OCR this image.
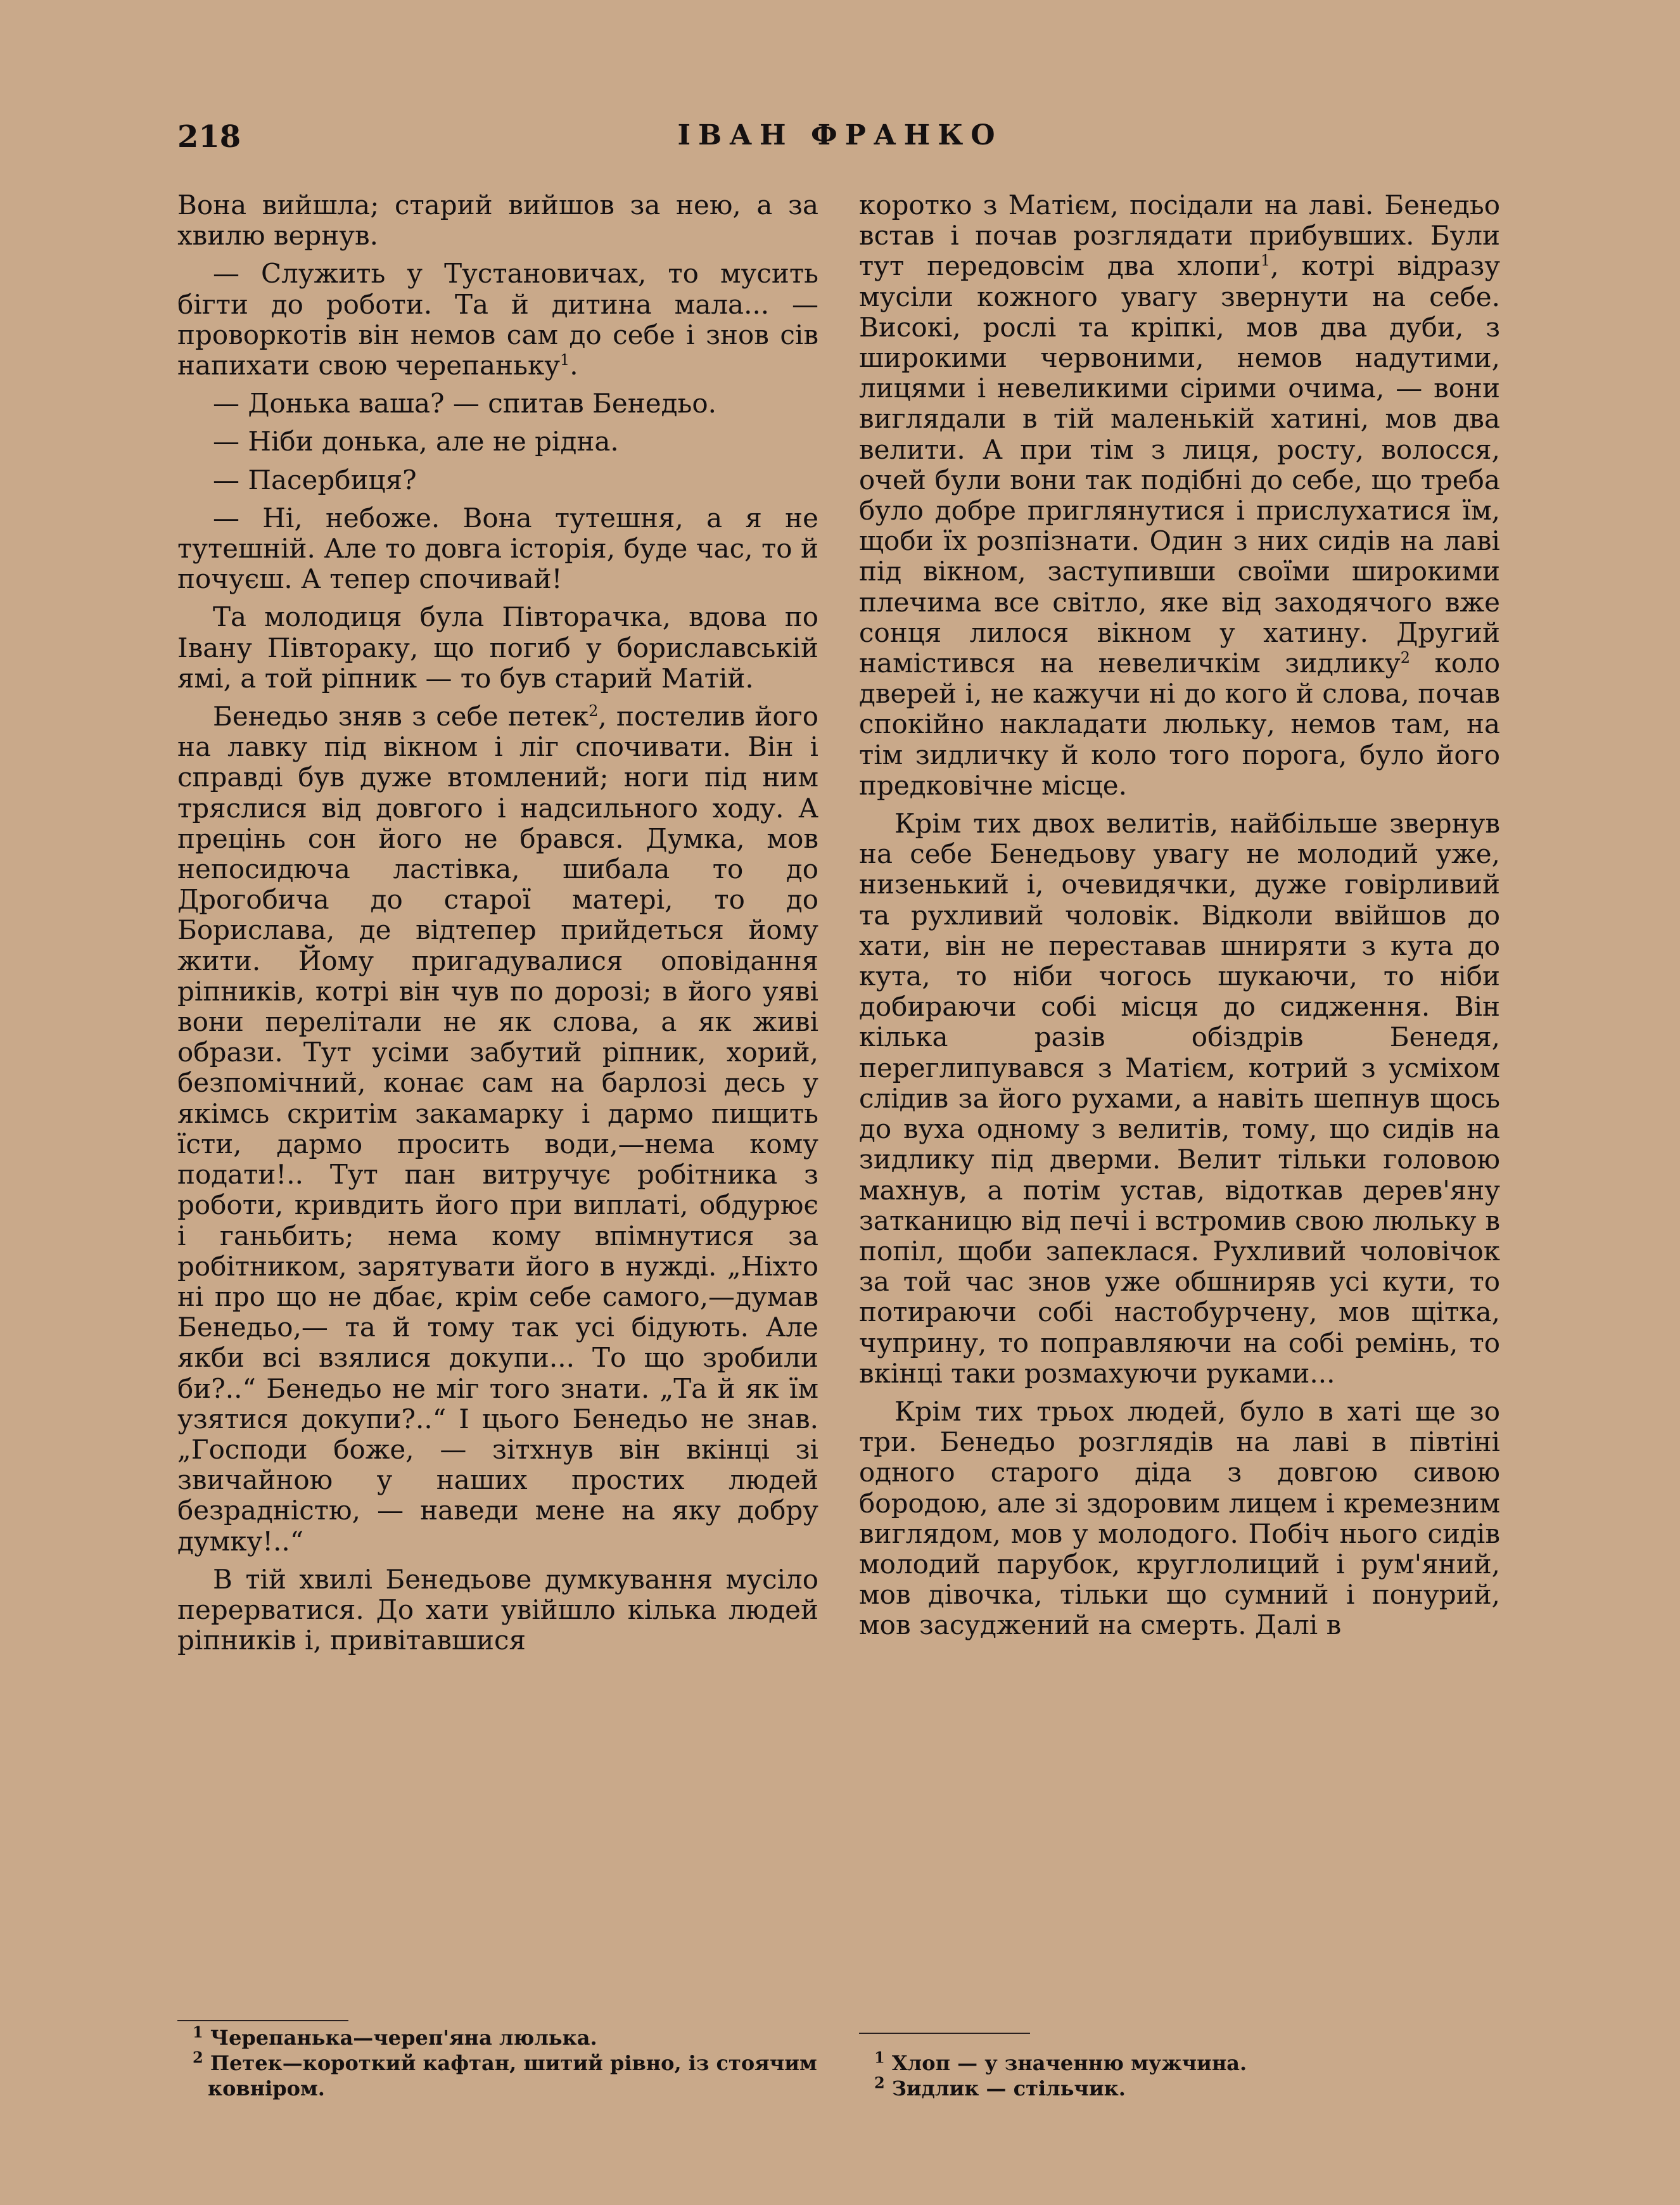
218	ІВАН ФРАНКО

Вона вийшла; старий вийшов за нею, а за хвилю вернув.

— Служить у Тустановичах, то мусить бігти до роботи. Та й дитина мала... — проворкотів він немов сам до себе і знов сів напихати свою черепаньку$^1$.

— Донька ваша? — спитав Бенедьо.

— Ніби донька, але не рідна.

— Пасербиця?

— Ні, небоже. Вона тутешня, а я не тутешній. Але то довга історія, буде час, то й почуєш. А тепер спочивай!

Та молодиця була Півторачка, вдова по Івану Півтораку, що погиб у бориславській ямі, а той ріпник — то був старий Матій.

Бенедьо зняв з себе петек$^2$, постелив його на лавку під вікном і ліг спочивати. Він і справді був дуже втомлений; ноги під ним тряслися від довгого і надсильного ходу. А прецінь сон його не брався. Думка, мов непосидюча ластівка, шибала то до Дрогобича до старої матері, то до Борислава, де відтепер прийдеться йому жити. Йому пригадувалися оповідання ріпників, котрі він чув по дорозі; в його уяві вони перелітали не як слова, а як живі образи. Тут усіми забутий ріпник, хорий, безпомічний, конає сам на барлозі десь у якімсь скритім закамарку і дармо пищить їсти, дармо просить води,—нема кому подати!.. Тут пан витручує робітника з роботи, кривдить його при виплаті, обдурює і ганьбить; нема кому впімнутися за робітником, зарятувати його в нужді. „Ніхто ні про що не дбає, крім себе самого,—думав Бенедьо,— та й тому так усі бідують. Але якби всі взялися докупи... То що зробили би?..“ Бенедьо не міг того знати. „Та й як їм узятися докупи?..“ І цього Бенедьо не знав. „Господи боже, — зітхнув він вкінці зі звичайною у наших простих людей безрадністю, — наведи мене на яку добру думку!..“

В тій хвилі Бенедьове думкування мусіло перерватися. До хати увійшло кілька людей ріпників і, привітавшися

коротко з Матієм, посідали на лаві. Бенедьо встав і почав розглядати прибувших. Були тут передовсім два хлопи$^1$, котрі відразу мусіли кожного увагу звернути на себе. Високі, рослі та кріпкі, мов два дуби, з широкими червоними, немов надутими, лицями і невеликими сірими очима, — вони виглядали в тій маленькій хатині, мов два велити. А при тім з лиця, росту, волосся, очей були вони так подібні до себе, що треба було добре приглянутися і прислухатися їм, щоби їх розпізнати. Один з них сидів на лаві під вікном, заступивши своїми широкими плечима все світло, яке від заходячого вже сонця лилося вікном у хатину. Другий намістився на невеличкім зидлику$^2$ коло дверей і, не кажучи ні до кого й слова, почав спокійно накладати люльку, немов там, на тім зидличку й коло того порога, було його предковічне місце.

Крім тих двох велитів, найбільше звернув на себе Бенедьову увагу не молодий уже, низенький і, очевидячки, дуже говірливий та рухливий чоловік. Відколи ввійшов до хати, він не переставав шниряти з кута до кута, то ніби чогось шукаючи, то ніби добираючи собі місця до сидження. Він кілька разів обіздрів Бенедя, переглипувався з Матієм, котрий з усміхом слідив за його рухами, а навіть шепнув щось до вуха одному з велитів, тому, що сидів на зидлику під дверми. Велит тільки головою махнув, а потім устав, відоткав дерев'яну затканицю від печі і встромив свою люльку в попіл, щоби запеклася. Рухливий чоловічок за той час знов уже обшниряв усі кути, то потираючи собі настобурчену, мов щітка, чуприну, то поправляючи на собі ремінь, то вкінці таки розмахуючи руками...

Крім тих трьох людей, було в хаті ще зо три. Бенедьо розглядів на лаві в півтіні одного старого діда з довгою сивою бородою, але зі здоровим лицем і кремезним виглядом, мов у молодого. Побіч нього сидів молодий парубок, круглолиций і рум'яний, мов дівочка, тільки що сумний і понурий, мов засуджений на смерть. Далі в

$^1$ Черепанька—череп'яна люлька.

$^2$ Петек—короткий кафтан, шитий рівно, із стоячим ковніром.

$^1$ Хлоп — у значенню мужчина.

$^2$ Зидлик — стільчик.
